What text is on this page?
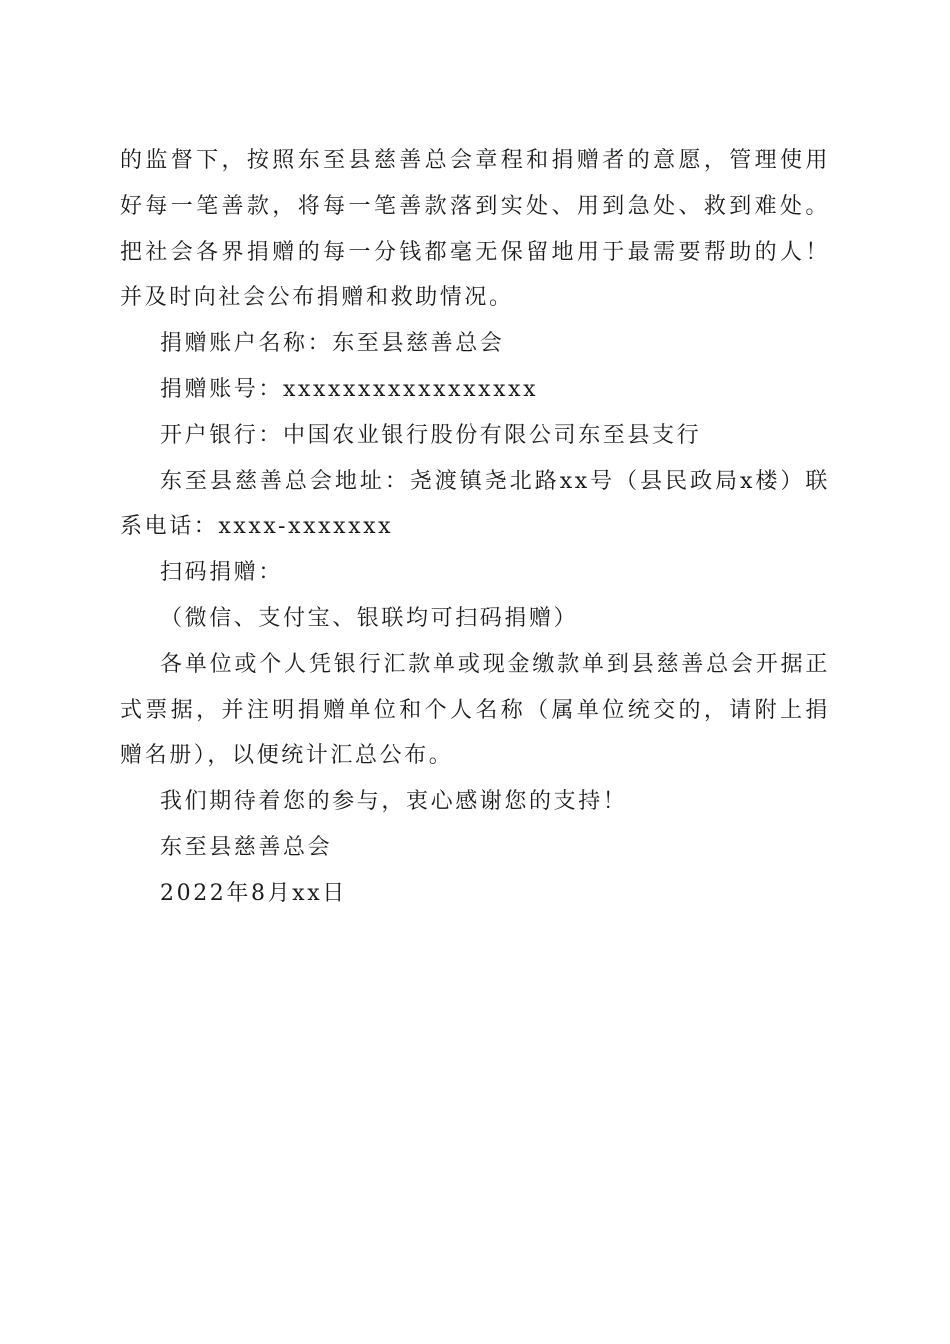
的监督下，按照东至县慈善总会章程和捐赠者的意愿，管理使用好每一笔善款，将每一笔善款落到实处、用到急处、救到难处。把社会各界捐赠的每一分钱都毫无保留地用于最需要帮助的人！并及时向社会公布捐赠和救助情况。

捐赠账户名称：东至县慈善总会

捐赠账号：xxxxxxxxxxxxxxxxx

开户银行：中国农业银行股份有限公司东至县支行

东至县慈善总会地址：尧渡镇尧北路xx号（县民政局x楼）联系电话：xxxx-xxxxxxx

扫码捐赠：

（微信、支付宝、银联均可扫码捐赠）

各单位或个人凭银行汇款单或现金缴款单到县慈善总会开据正式票据，并注明捐赠单位和个人名称（属单位统交的，请附上捐赠名册），以便统计汇总公布。

我们期待着您的参与，衷心感谢您的支持！

东至县慈善总会

2022年8月xx日
